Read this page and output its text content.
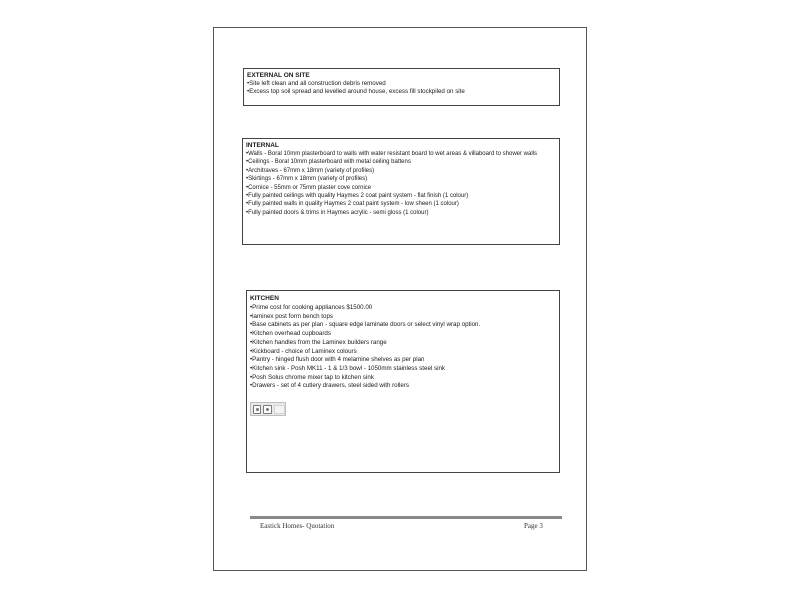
EXTERNAL ON SITE

•Site left clean and all construction debris removed
•Excess top soil spread and levelled around house, excess fill stockpiled on site

INTERNAL

•Walls - Boral 10mm plasterboard to walls with water resistant board to wet areas & villaboard to shower walls
•Ceilings - Boral 10mm plasterboard with metal ceiling battens
•Architraves - 67mm x 18mm (variety of profiles)
•Skirtings - 67mm x 18mm (variety of profiles)
•Cornice - 55mm or 75mm plaster cove cornice
•Fully painted ceilings with quality Haymes 2 coat paint system - flat finish (1 colour)
•Fully painted walls in quality Haymes 2 coat paint system - low sheen (1 colour)
•Fully painted doors & trims in Haymes acrylic - semi gloss (1 colour)

KITCHEN

•Prime cost for cooking appliances $1500.00
•laminex post form bench tops
•Base cabinets as per plan - square edge laminate doors or select vinyl wrap option.
•Kitchen overhead cupboards
•Kitchen handles from the Laminex builders range
•Kickboard - choice of Laminex colours
•Pantry - hinged flush door with 4 melamine shelves as per plan
•Kitchen sink - Posh MK11 - 1 & 1/3 bowl - 1050mm stainless steel sink
•Posh Solus chrome mixer tap to kitchen sink
•Drawers - set of 4 cutlery drawers, steel sided with rollers
Eastick Homes- Quotation	Page 3
